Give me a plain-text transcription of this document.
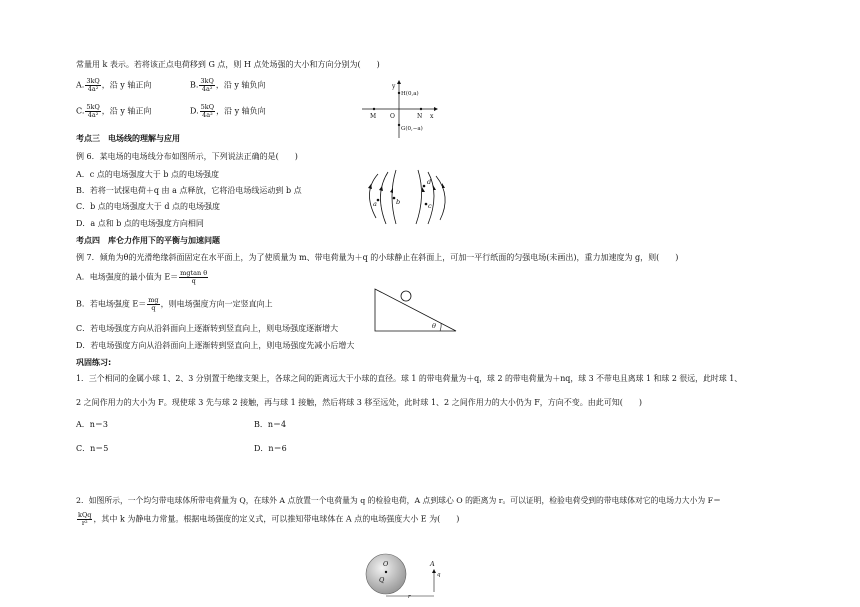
常量用 k 表示。若将该正点电荷移到 G 点，则 H 点处场强的大小和方向分别为(　　)
A. $\frac{3kQ}{\text{4a²}}$ ，沿 y 轴正向	B. $\frac{3kQ}{\text{4a²}}$ ，沿 y 轴负向
C. $\frac{5kQ}{\text{4a²}}$ ，沿 y 轴正向	D. $\frac{5kQ}{\text{4a²}}$ ，沿 y 轴负向
y
x
M O	N
H(0,a)
G(0,−a)
考点三　电场线的理解与应用
例 6．某电场的电场线分布如图所示，下列说法正确的是(　　)
A．c 点的电场强度大于 b 点的电场强度
B．若将一试探电荷＋q 由 a 点释放，它将沿电场线运动到 b 点
C．b 点的电场强度大于 d 点的电场强度
D．a 点和 b 点的电场强度方向相同
a	b
d
c
考点四　库仑力作用下的平衡与加速问题
例 7．倾角为θ的光滑绝缘斜面固定在水平面上，为了使质量为 m、带电荷量为＋q 的小球静止在斜面上，可加一平行纸面的匀强电场(未画出)，重力加速度为 g，则(　　)
A．电场强度的最小值为 $E= \frac{\text{mgtan θ}}{q}$
B．若电场强度 $E= \frac{mg}{q}$ ，则电场强度方向一定竖直向上
C．若电场强度方向从沿斜面向上逐渐转到竖直向上，则电场强度逐渐增大
D．若电场强度方向从沿斜面向上逐渐转到竖直向上，则电场强度先减小后增大
θ
巩固练习:
1．三个相同的金属小球 1、2、3 分别置于绝缘支架上，各球之间的距离远大于小球的直径。球 1 的带电荷量为＋q，球 2 的带电荷量为＋nq，球 3 不带电且离球 1 和球 2 很远，此时球 1、
2 之间作用力的大小为 F。现使球 3 先与球 2 接触，再与球 1 接触，然后将球 3 移至远处，此时球 1、2 之间作用力的大小仍为 F，方向不变。由此可知(　　)
A．n＝3	B．n＝4
C．n＝5	D．n＝6
2．如图所示，一个均匀带电球体所带电荷量为 Q，在球外 A 点放置一个电荷量为 q 的检验电荷，A 点到球心 O 的距离为 r。可以证明，检验电荷受到的带电球体对它的电场力大小为 F＝
$\frac{\text{kQq}}{\text{r²}}$ ，其中 k 为静电力常量。根据电场强度的定义式，可以推知带电球体在 A 点的电场强度大小 E 为(　　)
O
Q
A
q
r
